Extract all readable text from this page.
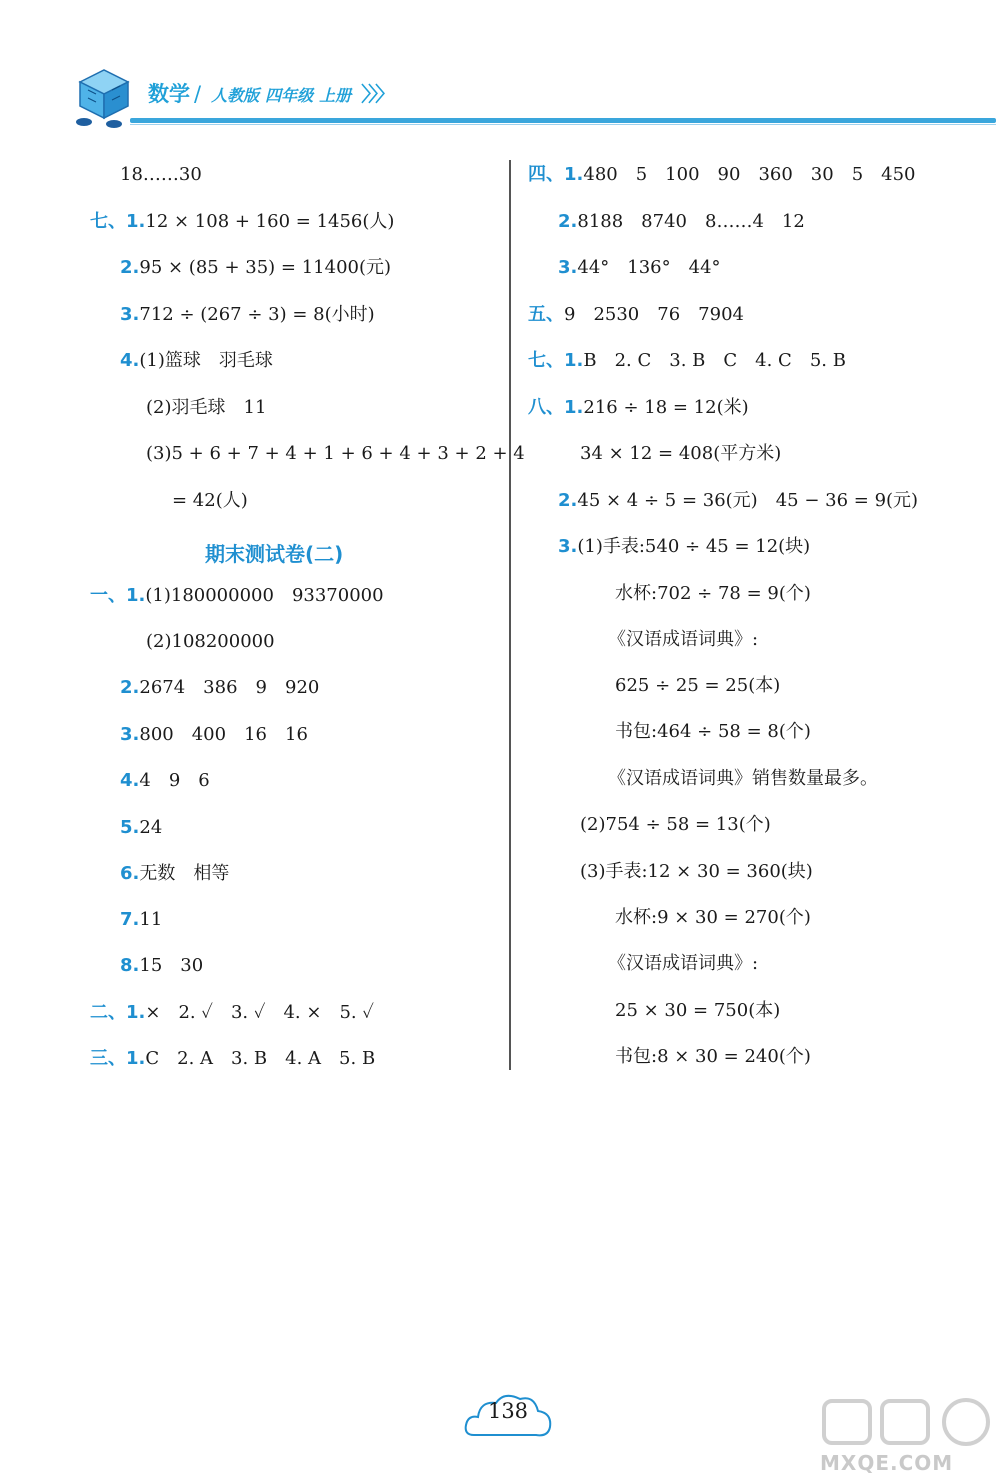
数学 / 人教版 四年级 上册 〉〉〉
18……30
七、1.12 × 108 + 160 = 1456(人)
2.95 × (85 + 35) = 11400(元)
3.712 ÷ (267 ÷ 3) = 8(小时)
4.(1)篮球　羽毛球
(2)羽毛球　11
(3)5 + 6 + 7 + 4 + 1 + 6 + 4 + 3 + 2 + 4
= 42(人)
期末测试卷(二)
一、1.(1)180000000　93370000
(2)108200000
2.2674　386　9　920
3.800　400　16　16
4.4　9　6
5.24
6.无数　相等
7.11
8.15　30
二、1.×　2. ✓　3. ✓　4. ×　5. ✓
三、1.C　2. A　3. B　4. A　5. B
四、1.480　5　100　90　360　30　5　450
2.8188　8740　8……4　12
3.44°　136°　44°
五、9　2530　76　7904
七、1.B　2. C　3. B　C　4. C　5. B
八、1.216 ÷ 18 = 12(米)
34 × 12 = 408(平方米)
2.45 × 4 ÷ 5 = 36(元)　45 − 36 = 9(元)
3.(1)手表:540 ÷ 45 = 12(块)
水杯:702 ÷ 78 = 9(个)
《汉语成语词典》:
625 ÷ 25 = 25(本)
书包:464 ÷ 58 = 8(个)
《汉语成语词典》销售数量最多。
(2)754 ÷ 58 = 13(个)
(3)手表:12 × 30 = 360(块)
水杯:9 × 30 = 270(个)
《汉语成语词典》:
25 × 30 = 750(本)
书包:8 × 30 = 240(个)
138
MXQE.COM
